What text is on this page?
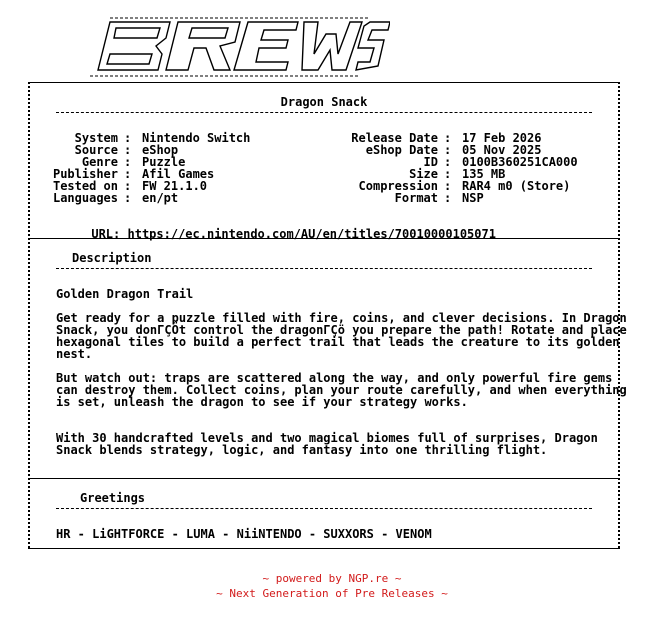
Dragon Snack
System : Nintendo Switch
Source : eShop
Genre : Puzzle
Publisher : Afil Games
Tested on : FW 21.1.0
Languages : en/pt
Release Date : 17 Feb 2026
eShop Date : 05 Nov 2025
ID : 0100B360251CA000
Size : 135 MB
Compression : RAR4 m0 (Store)
Format : NSP

URL: https://ec.nintendo.com/AU/en/titles/70010000105071

Description
Golden Dragon Trail
Get ready for a puzzle filled with fire, coins, and clever decisions. In Dragon Snack, you donΓÇÖt control the dragonΓÇö you prepare the path! Rotate and place hexagonal tiles to build a perfect trail that leads the creature to its golden nest.
But watch out: traps are scattered along the way, and only powerful fire gems can destroy them. Collect coins, plan your route carefully, and when everything is set, unleash the dragon to see if your strategy works.
With 30 handcrafted levels and two magical biomes full of surprises, Dragon Snack blends strategy, logic, and fantasy into one thrilling flight.
Greetings
HR - LiGHTFORCE - LUMA - NiiNTENDO - SUXXORS - VENOM
~ powered by NGP.re ~
~ Next Generation of Pre Releases ~
